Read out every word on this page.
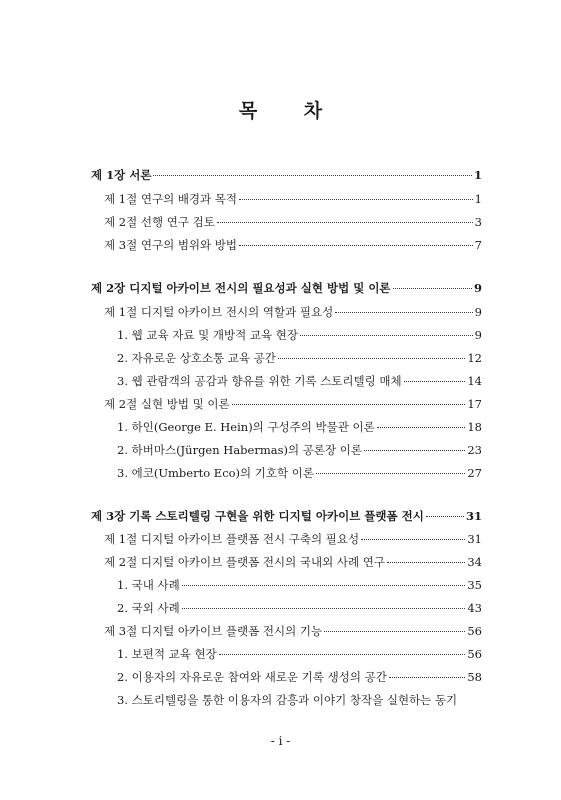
목 차
제 1장 서론	1
제 1절 연구의 배경과 목적	1
제 2절 선행 연구 검토	3
제 3절 연구의 범위와 방법	7
제 2장 디지털 아카이브 전시의 필요성과 실현 방법 및 이론	9
제 1절 디지털 아카이브 전시의 역할과 필요성	9
1. 웹 교육 자료 및 개방적 교육 현장	9
2. 자유로운 상호소통 교육 공간	12
3. 웹 관람객의 공감과 향유를 위한 기록 스토리텔링 매체	14
제 2절 실현 방법 및 이론	17
1. 하인(George E. Hein)의 구성주의 박물관 이론	18
2. 하버마스(Jürgen Habermas)의 공론장 이론	23
3. 에코(Umberto Eco)의 기호학 이론	27
제 3장 기록 스토리텔링 구현을 위한 디지털 아카이브 플랫폼 전시	31
제 1절 디지털 아카이브 플랫폼 전시 구축의 필요성	31
제 2절 디지털 아카이브 플랫폼 전시의 국내외 사례 연구	34
1. 국내 사례	35
2. 국외 사례	43
제 3절 디지털 아카이브 플랫폼 전시의 기능	56
1. 보편적 교육 현장	56
2. 이용자의 자유로운 참여와 새로운 기록 생성의 공간	58
3. 스토리텔링을 통한 이용자의 감흥과 이야기 창작을 실현하는 동기
- i -
